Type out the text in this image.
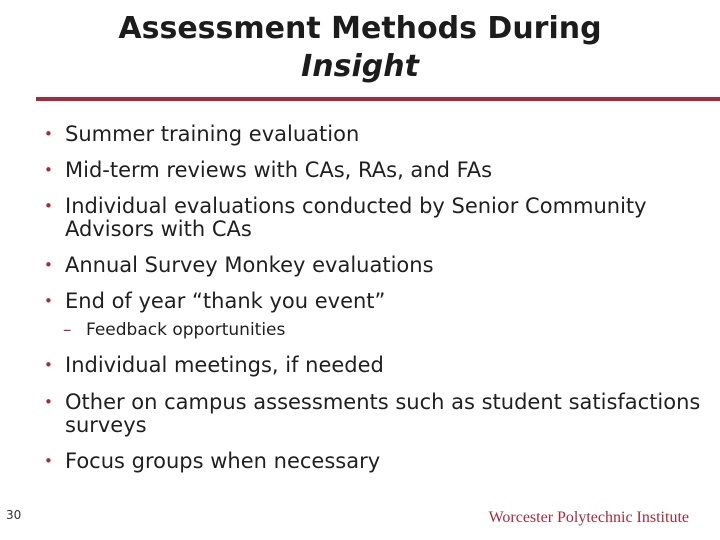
Assessment Methods During
Insight
• Summer training evaluation
• Mid-term reviews with CAs, RAs, and FAs
• Individual evaluations conducted by Senior Community Advisors with CAs
• Annual Survey Monkey evaluations
• End of year “thank you event”
– Feedback opportunities
• Individual meetings, if needed
• Other on campus assessments such as student satisfactions surveys
• Focus groups when necessary
30	Worcester Polytechnic Institute
